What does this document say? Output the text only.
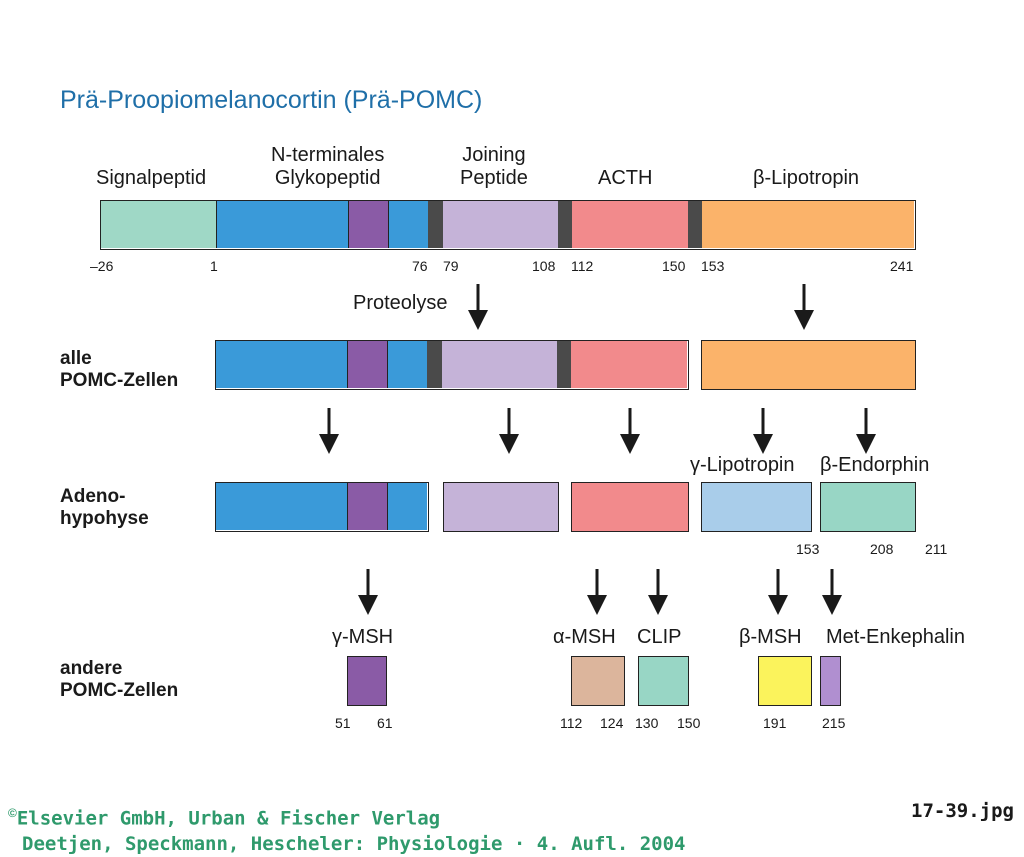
Prä-Proopiomelanocortin (Prä-POMC)
Signalpeptid
N-terminales
Glykopeptid
Joining
Peptide	ACTH	β-Lipotropin
–26	1	76 79	108 112	150 153	241
Proteolyse
alle
POMC-Zellen
Adeno-
hypohyse
andere
POMC-Zellen
γ-Lipotropin β-Endorphin
153	208 211
γ-MSH	α-MSH CLIP	β-MSH Met-Enkephalin
51 61	112 124 130 150	191	215
©Elsevier GmbH, Urban & Fischer Verlag
Deetjen, Speckmann, Hescheler: Physiologie · 4. Aufl. 2004
17-39.jpg
